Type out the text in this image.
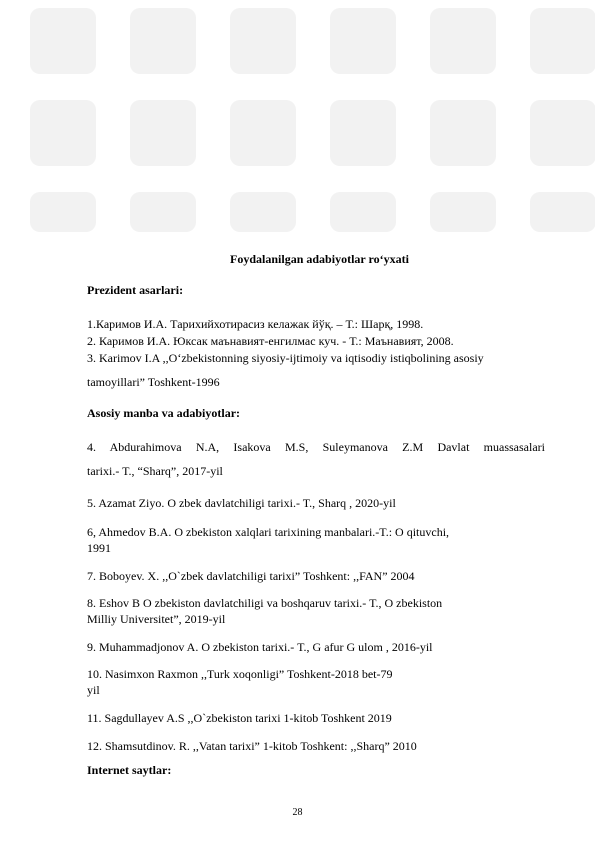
Foydalanilgan adabiyotlar ro‘yxati
Prezident asarlari:
1.Каримов И.А. Тарихийхотирасиз келажак йўқ. – Т.: Шарқ, 1998.
2. Каримов И.А. Юксак маънавият-енгилмас куч. - Т.: Маънавият, 2008.
3. Karimov I.A ,,O‘zbekistonning siyosiy-ijtimoiy va iqtisodiy istiqbolining asosiy
tamoyillari” Toshkent-1996
Asosiy manba va adabiyotlar:
4. Abdurahimova N.A, Isakova M.S, Suleymanova Z.M Davlat muassasalari
tarixi.- T., “Sharq”, 2017-yil
5. Azamat Ziyo. O zbek davlatchiligi tarixi.- T., Sharq , 2020-yil
6, Ahmedov B.A. O zbekiston xalqlari tarixining manbalari.-T.: O qituvchi,
1991
7. Boboyev. X. ,,O`zbek davlatchiligi tarixi” Toshkent: ,,FAN” 2004
8. Eshov B O zbekiston davlatchiligi va boshqaruv tarixi.- T., O zbekiston
Milliy Universitet”, 2019-yil
9. Muhammadjonov A. O zbekiston tarixi.- T., G afur G ulom , 2016-yil
10. Nasimxon Raxmon ,,Turk xoqonligi” Toshkent-2018 bet-79
yil
11. Sagdullayev A.S ,,O`zbekiston tarixi 1-kitob Toshkent 2019
12. Shamsutdinov. R. ,,Vatan tarixi” 1-kitob Toshkent: ,,Sharq” 2010
Internet saytlar:
28
